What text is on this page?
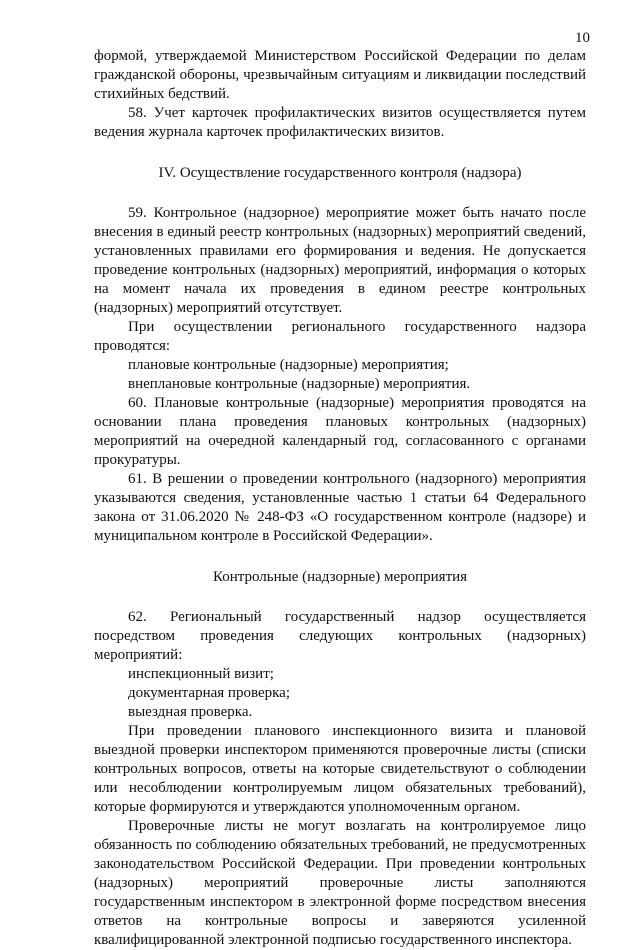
10

формой, утверждаемой Министерством Российской Федерации по делам гражданской обороны, чрезвычайным ситуациям и ликвидации последствий стихийных бедствий.

58. Учет карточек профилактических визитов осуществляется путем ведения журнала карточек профилактических визитов.

IV. Осуществление государственного контроля (надзора)

59. Контрольное (надзорное) мероприятие может быть начато после внесения в единый реестр контрольных (надзорных) мероприятий сведений, установленных правилами его формирования и ведения. Не допускается проведение контрольных (надзорных) мероприятий, информация о которых на момент начала их проведения в едином реестре контрольных (надзорных) мероприятий отсутствует.

При осуществлении регионального государственного надзора проводятся:

плановые контрольные (надзорные) мероприятия;

внеплановые контрольные (надзорные) мероприятия.

60. Плановые контрольные (надзорные) мероприятия проводятся на основании плана проведения плановых контрольных (надзорных) мероприятий на очередной календарный год, согласованного с органами прокуратуры.

61. В решении о проведении контрольного (надзорного) мероприятия указываются сведения, установленные частью 1 статьи 64 Федерального закона от 31.06.2020 № 248-ФЗ «О государственном контроле (надзоре) и муниципальном контроле в Российской Федерации».

Контрольные (надзорные) мероприятия

62. Региональный государственный надзор осуществляется посредством проведения следующих контрольных (надзорных) мероприятий:

инспекционный визит;

документарная проверка;

выездная проверка.

При проведении планового инспекционного визита и плановой выездной проверки инспектором применяются проверочные листы (списки контрольных вопросов, ответы на которые свидетельствуют о соблюдении или несоблюдении контролируемым лицом обязательных требований), которые формируются и утверждаются уполномоченным органом.

Проверочные листы не могут возлагать на контролируемое лицо обязанность по соблюдению обязательных требований, не предусмотренных законодательством Российской Федерации. При проведении контрольных (надзорных) мероприятий проверочные листы заполняются государственным инспектором в электронной форме посредством внесения ответов на контрольные вопросы и заверяются усиленной квалифицированной электронной подписью государственного инспектора.
